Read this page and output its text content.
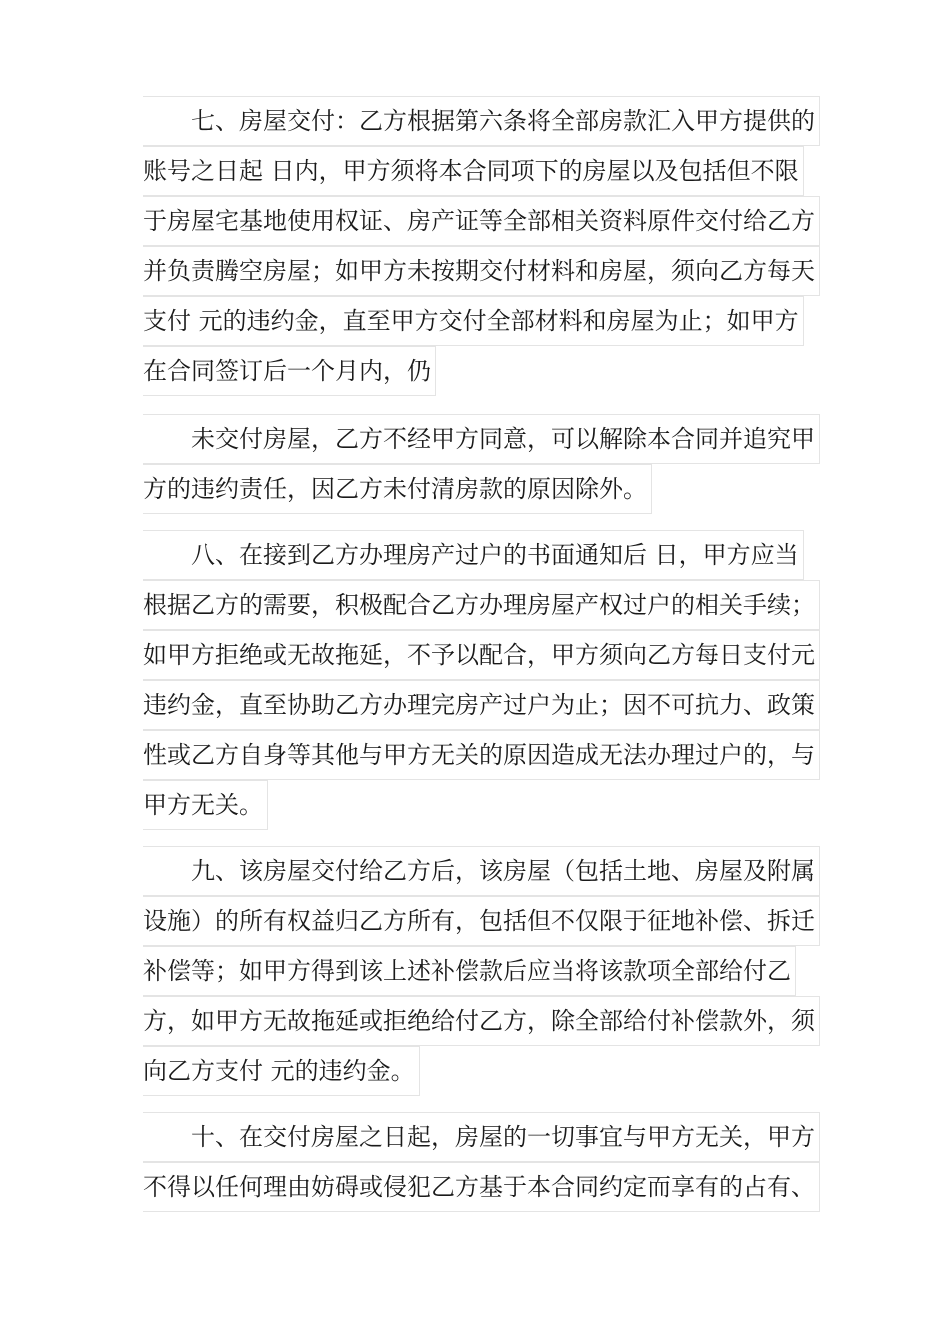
七、房屋交付：乙方根据第六条将全部房款汇入甲方提供的
账号之日起 日内，甲方须将本合同项下的房屋以及包括但不限
于房屋宅基地使用权证、房产证等全部相关资料原件交付给乙方
并负责腾空房屋；如甲方未按期交付材料和房屋，须向乙方每天
支付 元的违约金，直至甲方交付全部材料和房屋为止；如甲方
在合同签订后一个月内，仍
未交付房屋，乙方不经甲方同意，可以解除本合同并追究甲
方的违约责任，因乙方未付清房款的原因除外。
八、在接到乙方办理房产过户的书面通知后 日，甲方应当
根据乙方的需要，积极配合乙方办理房屋产权过户的相关手续；
如甲方拒绝或无故拖延，不予以配合，甲方须向乙方每日支付元
违约金，直至协助乙方办理完房产过户为止；因不可抗力、政策
性或乙方自身等其他与甲方无关的原因造成无法办理过户的，与
甲方无关。
九、该房屋交付给乙方后，该房屋（包括土地、房屋及附属
设施）的所有权益归乙方所有，包括但不仅限于征地补偿、拆迁
补偿等；如甲方得到该上述补偿款后应当将该款项全部给付乙
方，如甲方无故拖延或拒绝给付乙方，除全部给付补偿款外，须
向乙方支付 元的违约金。
十、在交付房屋之日起，房屋的一切事宜与甲方无关，甲方
不得以任何理由妨碍或侵犯乙方基于本合同约定而享有的占有、
